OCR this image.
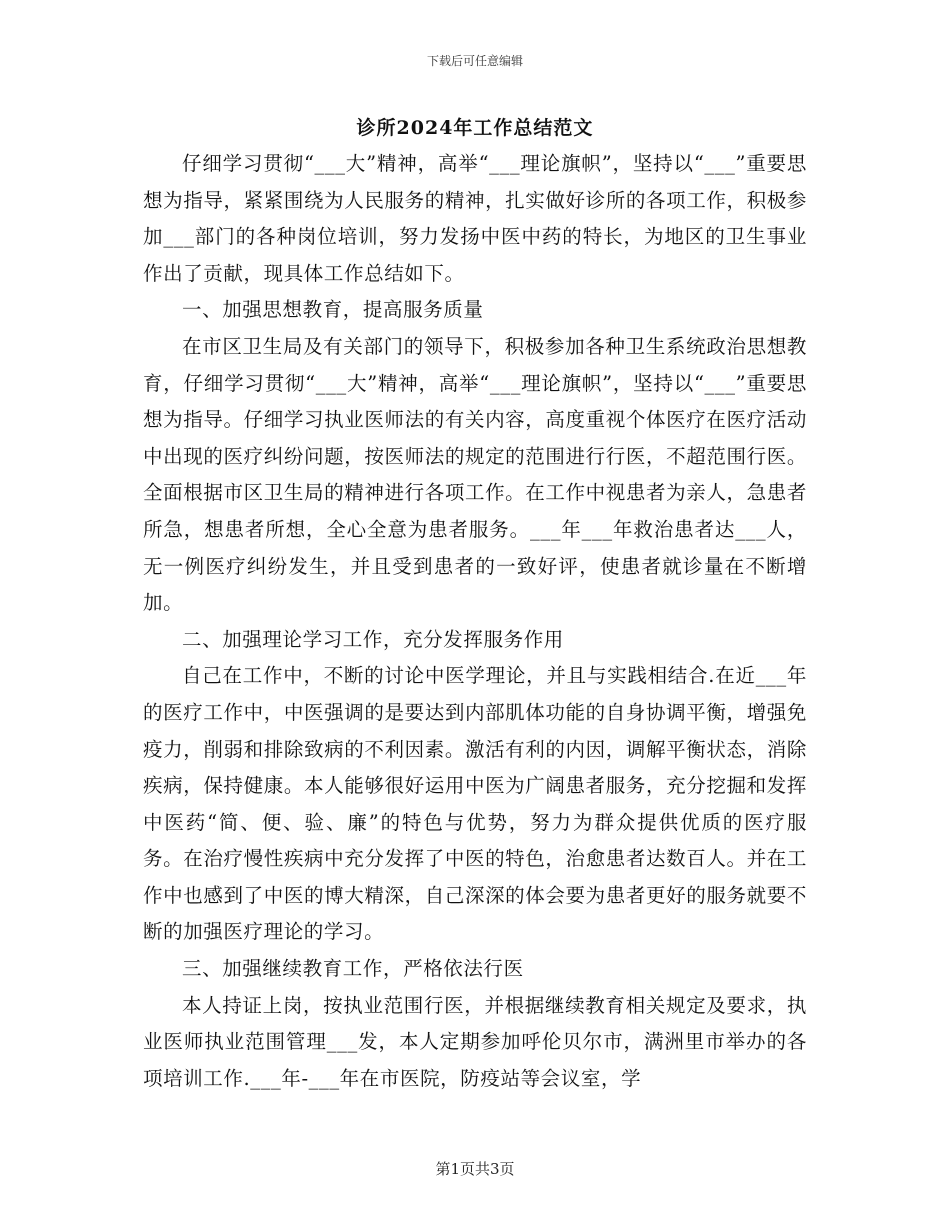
下载后可任意编辑
诊所2024年工作总结范文

仔细学习贯彻“___大”精神，高举“___理论旗帜”，坚持以“___”重要思想为指导，紧紧围绕为人民服务的精神，扎实做好诊所的各项工作，积极参加___部门的各种岗位培训，努力发扬中医中药的特长，为地区的卫生事业作出了贡献，现具体工作总结如下。

一、加强思想教育，提高服务质量

在市区卫生局及有关部门的领导下，积极参加各种卫生系统政治思想教育，仔细学习贯彻“___大”精神，高举“___理论旗帜”，坚持以“___”重要思想为指导。仔细学习执业医师法的有关内容，高度重视个体医疗在医疗活动中出现的医疗纠纷问题，按医师法的规定的范围进行行医，不超范围行医。全面根据市区卫生局的精神进行各项工作。在工作中视患者为亲人，急患者所急，想患者所想，全心全意为患者服务。___年___年救治患者达___人，无一例医疗纠纷发生，并且受到患者的一致好评，使患者就诊量在不断增加。

二、加强理论学习工作，充分发挥服务作用

自己在工作中，不断的讨论中医学理论，并且与实践相结合.在近___年的医疗工作中，中医强调的是要达到内部肌体功能的自身协调平衡，增强免疫力，削弱和排除致病的不利因素。激活有利的内因，调解平衡状态，消除疾病，保持健康。本人能够很好运用中医为广阔患者服务，充分挖掘和发挥中医药“简、便、验、廉”的特色与优势，努力为群众提供优质的医疗服务。在治疗慢性疾病中充分发挥了中医的特色，治愈患者达数百人。并在工作中也感到了中医的博大精深，自己深深的体会要为患者更好的服务就要不断的加强医疗理论的学习。

三、加强继续教育工作，严格依法行医

本人持证上岗，按执业范围行医，并根据继续教育相关规定及要求，执业医师执业范围管理___发，本人定期参加呼伦贝尔市，满洲里市举办的各项培训工作.___年-___年在市医院，防疫站等会议室，学

第1页共3页
